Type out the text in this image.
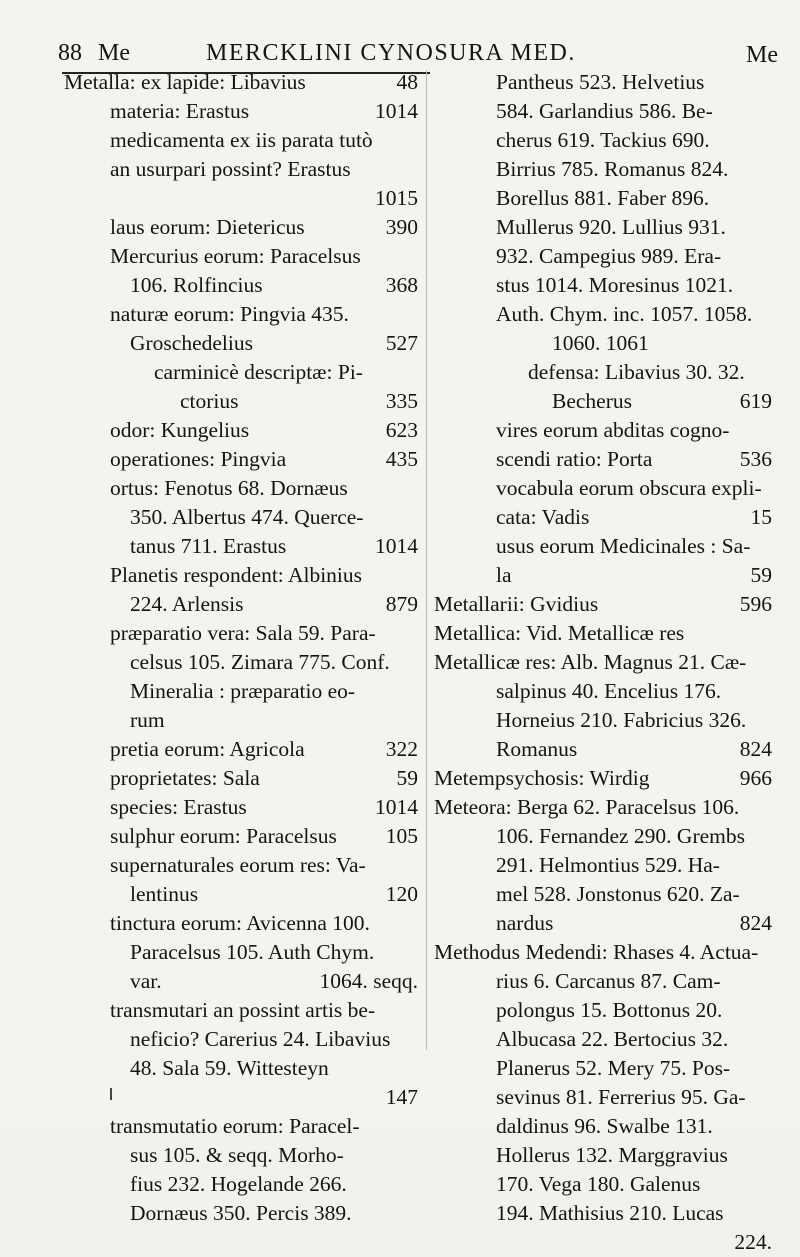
88 Me	MERCKLINI CYNOSURA MED.	Me
Metalla: ex lapide: Libavius	48
materia: Erastus	1014
medicamenta ex iis parata tutò
an usurpari possint? Erastus
1015
laus eorum: Dietericus	390
Mercurius eorum: Paracelsus
106. Rolfincius	368
naturæ eorum: Pingvia 435.
Groschedelius	527
carminicè descriptæ: Pi-
ctorius	335
odor: Kungelius	623
operationes: Pingvia	435
ortus: Fenotus 68. Dornæus
350. Albertus 474. Querce-
tanus 711. Erastus	1014
Planetis respondent: Albinius
224. Arlensis	879
præparatio vera: Sala 59. Para-
celsus 105. Zimara 775. Conf.
Mineralia : præparatio eo-
rum
pretia eorum: Agricola	322
proprietates: Sala	59
species: Erastus	1014
sulphur eorum: Paracelsus 105
supernaturales eorum res: Va-
lentinus	120
tinctura eorum: Avicenna 100.
Paracelsus 105. Auth Chym.
var.	1064. seqq.
transmutari an possint artis be-
neficio? Carerius 24. Libavius
48. Sala 59. Wittesteyn
147
transmutatio eorum: Paracel-
sus 105. & seqq. Morho-
fius 232. Hogelande 266.
Dornæus 350. Percis 389.
Pantheus 523. Helvetius
584. Garlandius 586. Be-
cherus 619. Tackius 690.
Birrius 785. Romanus 824.
Borellus 881. Faber 896.
Mullerus 920. Lullius 931.
932. Campegius 989. Era-
stus 1014. Moresinus 1021.
Auth. Chym. inc. 1057. 1058.
1060. 1061
defensa: Libavius 30. 32.
Becherus	619
vires eorum abditas cogno-
scendi ratio: Porta	536
vocabula eorum obscura expli-
cata: Vadis	15
usus eorum Medicinales : Sa-
la	59
Metallarii: Gvidius	596
Metallica: Vid. Metallicæ res
Metallicæ res: Alb. Magnus 21. Cæ-
salpinus 40. Encelius 176.
Horneius 210. Fabricius 326.
Romanus	824
Metempsychosis: Wirdig	966
Meteora: Berga 62. Paracelsus 106.
106. Fernandez 290. Grembs
291. Helmontius 529. Ha-
mel 528. Jonstonus 620. Za-
nardus	824
Methodus Medendi: Rhases 4. Actua-
rius 6. Carcanus 87. Cam-
polongus 15. Bottonus 20.
Albucasa 22. Bertocius 32.
Planerus 52. Mery 75. Pos-
sevinus 81. Ferrerius 95. Ga-
daldinus 96. Swalbe 131.
Hollerus 132. Marggravius
170. Vega 180. Galenus
194. Mathisius 210. Lucas
224.
